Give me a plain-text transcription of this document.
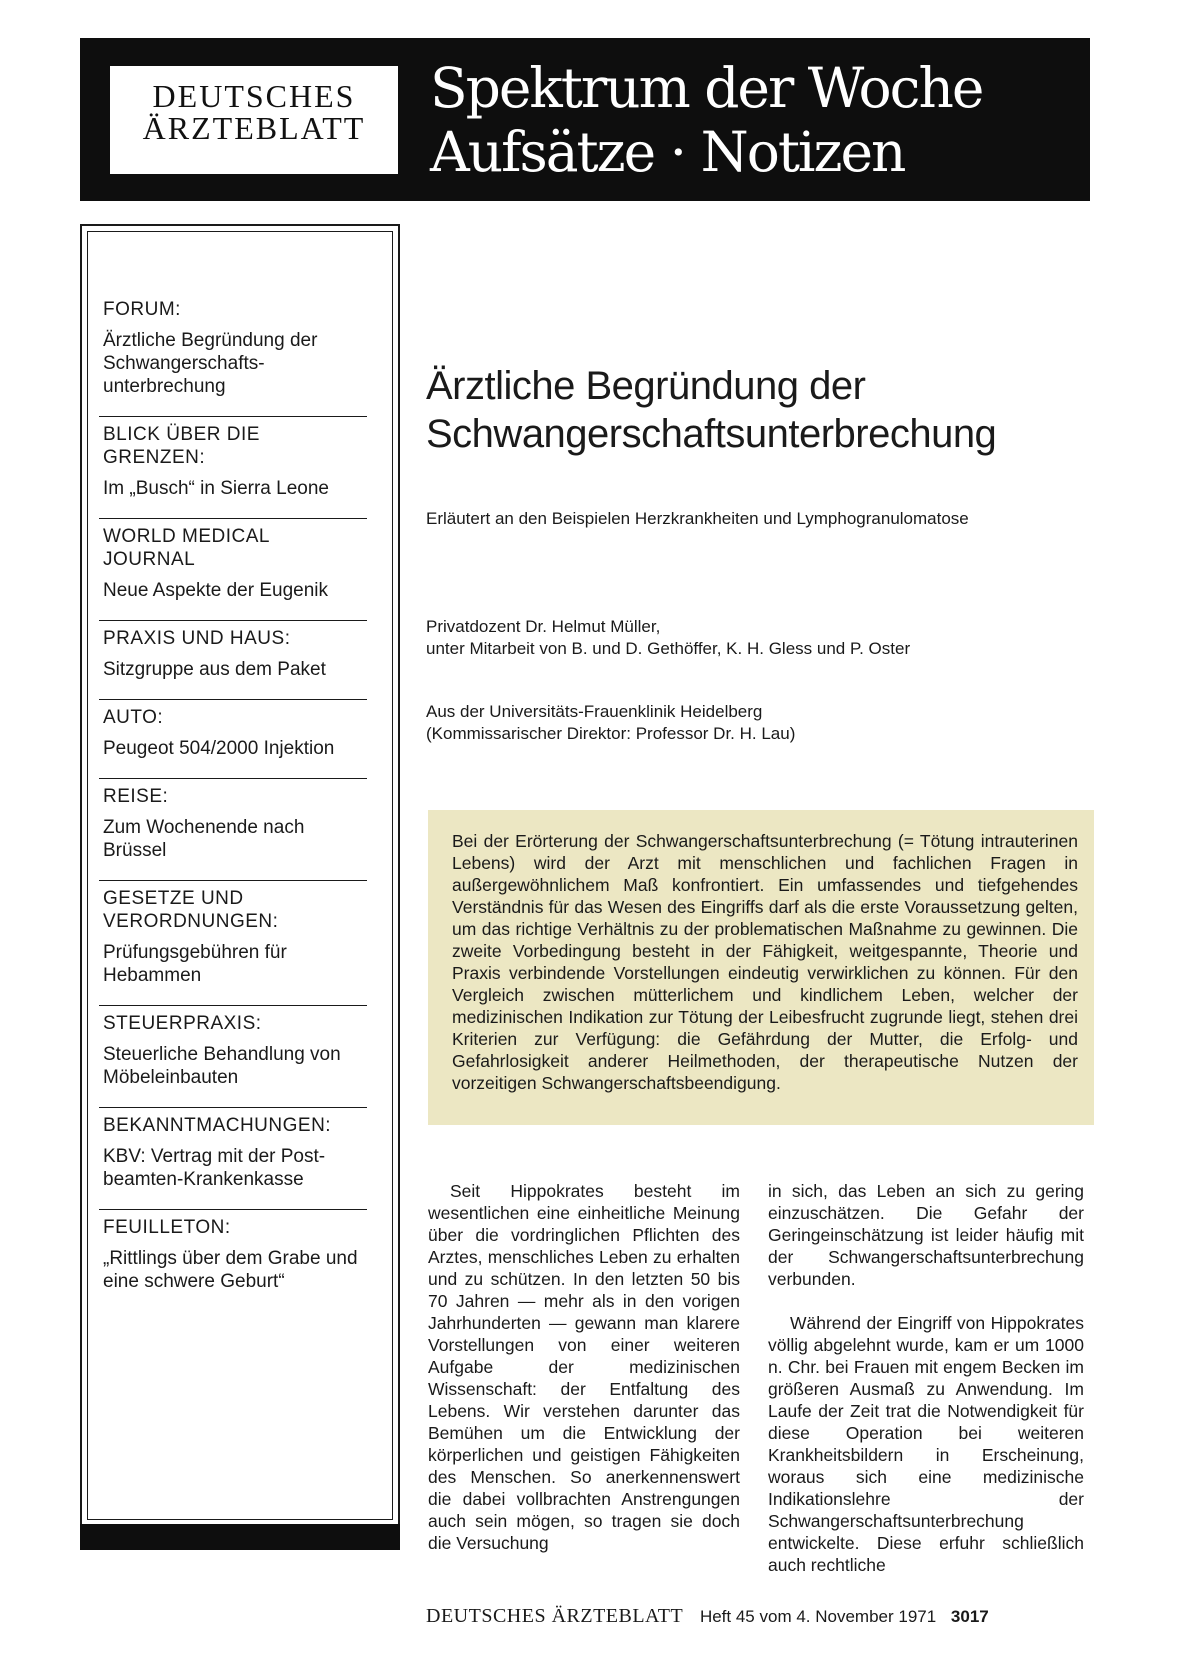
DEUTSCHES
ÄRZTEBLATT
Spektrum der Woche
Aufsätze · Notizen
FORUM:
Ärztliche Begründung der Schwangerschafts-unterbrechung
BLICK ÜBER DIE GRENZEN:
Im „Busch“ in Sierra Leone
WORLD MEDICAL JOURNAL
Neue Aspekte der Eugenik
PRAXIS UND HAUS:
Sitzgruppe aus dem Paket
AUTO:
Peugeot 504/2000 Injektion
REISE:
Zum Wochenende nach Brüssel
GESETZE UND VERORDNUNGEN:
Prüfungsgebühren für Hebammen
STEUERPRAXIS:
Steuerliche Behandlung von Möbeleinbauten
BEKANNTMACHUNGEN:
KBV: Vertrag mit der Post-beamten-Krankenkasse
FEUILLETON:
„Rittlings über dem Grabe und eine schwere Geburt“
Ärztliche Begründung der
Schwangerschaftsunterbrechung
Erläutert an den Beispielen Herzkrankheiten und Lymphogranulomatose
Privatdozent Dr. Helmut Müller,
unter Mitarbeit von B. und D. Gethöffer, K. H. Gless und P. Oster
Aus der Universitäts-Frauenklinik Heidelberg
(Kommissarischer Direktor: Professor Dr. H. Lau)
Bei der Erörterung der Schwangerschaftsunterbrechung (= Tötung intrauterinen Lebens) wird der Arzt mit menschlichen und fachlichen Fragen in außergewöhnlichem Maß konfrontiert. Ein umfassendes und tiefgehendes Verständnis für das Wesen des Eingriffs darf als die erste Voraussetzung gelten, um das richtige Verhältnis zu der problematischen Maßnahme zu gewinnen. Die zweite Vorbedingung besteht in der Fähigkeit, weitgespannte, Theorie und Praxis verbindende Vorstellungen eindeutig verwirklichen zu können. Für den Vergleich zwischen mütterlichem und kindlichem Leben, welcher der medizinischen Indikation zur Tötung der Leibesfrucht zugrunde liegt, stehen drei Kriterien zur Verfügung: die Gefährdung der Mutter, die Erfolg- und Gefahrlosigkeit anderer Heilmethoden, der therapeutische Nutzen der vorzeitigen Schwangerschaftsbeendigung.

Seit Hippokrates besteht im wesentlichen eine einheitliche Meinung über die vordringlichen Pflichten des Arztes, menschliches Leben zu erhalten und zu schützen. In den letzten 50 bis 70 Jahren — mehr als in den vorigen Jahrhunderten — gewann man klarere Vorstellungen von einer weiteren Aufgabe der medizinischen Wissenschaft: der Entfaltung des Lebens. Wir verstehen darunter das Bemühen um die Entwicklung der körperlichen und geistigen Fähigkeiten des Menschen. So anerkennenswert die dabei vollbrachten Anstrengungen auch sein mögen, so tragen sie doch die Versuchung

in sich, das Leben an sich zu gering einzuschätzen. Die Gefahr der Geringeinschätzung ist leider häufig mit der Schwangerschaftsunterbrechung verbunden.

Während der Eingriff von Hippokrates völlig abgelehnt wurde, kam er um 1000 n. Chr. bei Frauen mit engem Becken im größeren Ausmaß zu Anwendung. Im Laufe der Zeit trat die Notwendigkeit für diese Operation bei weiteren Krankheitsbildern in Erscheinung, woraus sich eine medizinische Indikationslehre der Schwangerschaftsunterbrechung entwickelte. Diese erfuhr schließlich auch rechtliche

DEUTSCHES ÄRZTEBLATT Heft 45 vom 4. November 1971 3017
